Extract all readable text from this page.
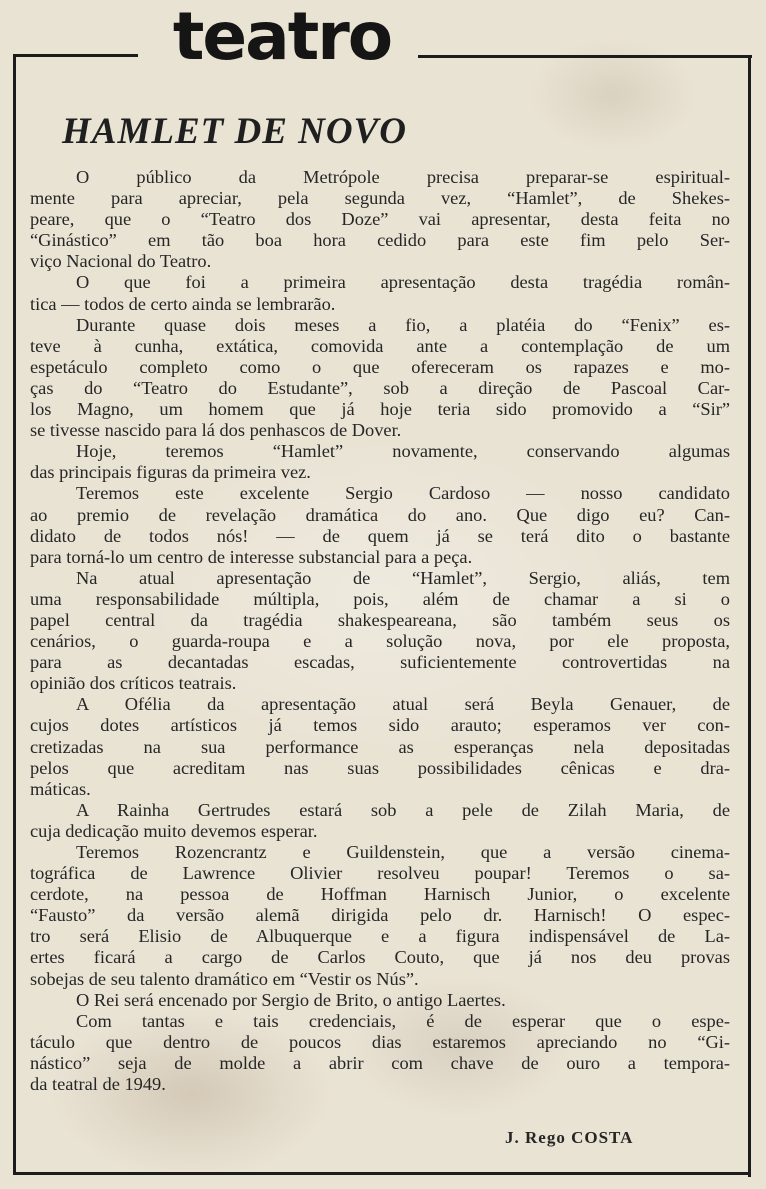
teatro
HAMLET DE NOVO
O público da Metrópole precisa preparar-se espiritual-
mente para apreciar, pela segunda vez, “Hamlet”, de Shekes-
peare, que o “Teatro dos Doze” vai apresentar, desta feita no
“Ginástico” em tão boa hora cedido para este fim pelo Ser-
viço Nacional do Teatro.
O que foi a primeira apresentação desta tragédia român-
tica — todos de certo ainda se lembrarão.
Durante quase dois meses a fio, a platéia do “Fenix” es-
teve à cunha, extática, comovida ante a contemplação de um
espetáculo completo como o que ofereceram os rapazes e mo-
ças do “Teatro do Estudante”, sob a direção de Pascoal Car-
los Magno, um homem que já hoje teria sido promovido a “Sir”
se tivesse nascido para lá dos penhascos de Dover.
Hoje, teremos “Hamlet” novamente, conservando algumas
das principais figuras da primeira vez.
Teremos este excelente Sergio Cardoso — nosso candidato
ao premio de revelação dramática do ano. Que digo eu? Can-
didato de todos nós! — de quem já se terá dito o bastante
para torná-lo um centro de interesse substancial para a peça.
Na atual apresentação de “Hamlet”, Sergio, aliás, tem
uma responsabilidade múltipla, pois, além de chamar a si o
papel central da tragédia shakespeareana, são também seus os
cenários, o guarda-roupa e a solução nova, por ele proposta,
para as decantadas escadas, suficientemente controvertidas na
opinião dos críticos teatrais.
A Ofélia da apresentação atual será Beyla Genauer, de
cujos dotes artísticos já temos sido arauto; esperamos ver con-
cretizadas na sua performance as esperanças nela depositadas
pelos que acreditam nas suas possibilidades cênicas e dra-
máticas.
A Rainha Gertrudes estará sob a pele de Zilah Maria, de
cuja dedicação muito devemos esperar.
Teremos Rozencrantz e Guildenstein, que a versão cinema-
tográfica de Lawrence Olivier resolveu poupar! Teremos o sa-
cerdote, na pessoa de Hoffman Harnisch Junior, o excelente
“Fausto” da versão alemã dirigida pelo dr. Harnisch! O espec-
tro será Elisio de Albuquerque e a figura indispensável de La-
ertes ficará a cargo de Carlos Couto, que já nos deu provas
sobejas de seu talento dramático em “Vestir os Nús”.
O Rei será encenado por Sergio de Brito, o antigo Laertes.
Com tantas e tais credenciais, é de esperar que o espe-
táculo que dentro de poucos dias estaremos apreciando no “Gi-
nástico” seja de molde a abrir com chave de ouro a tempora-
da teatral de 1949.
J. Rego COSTA
